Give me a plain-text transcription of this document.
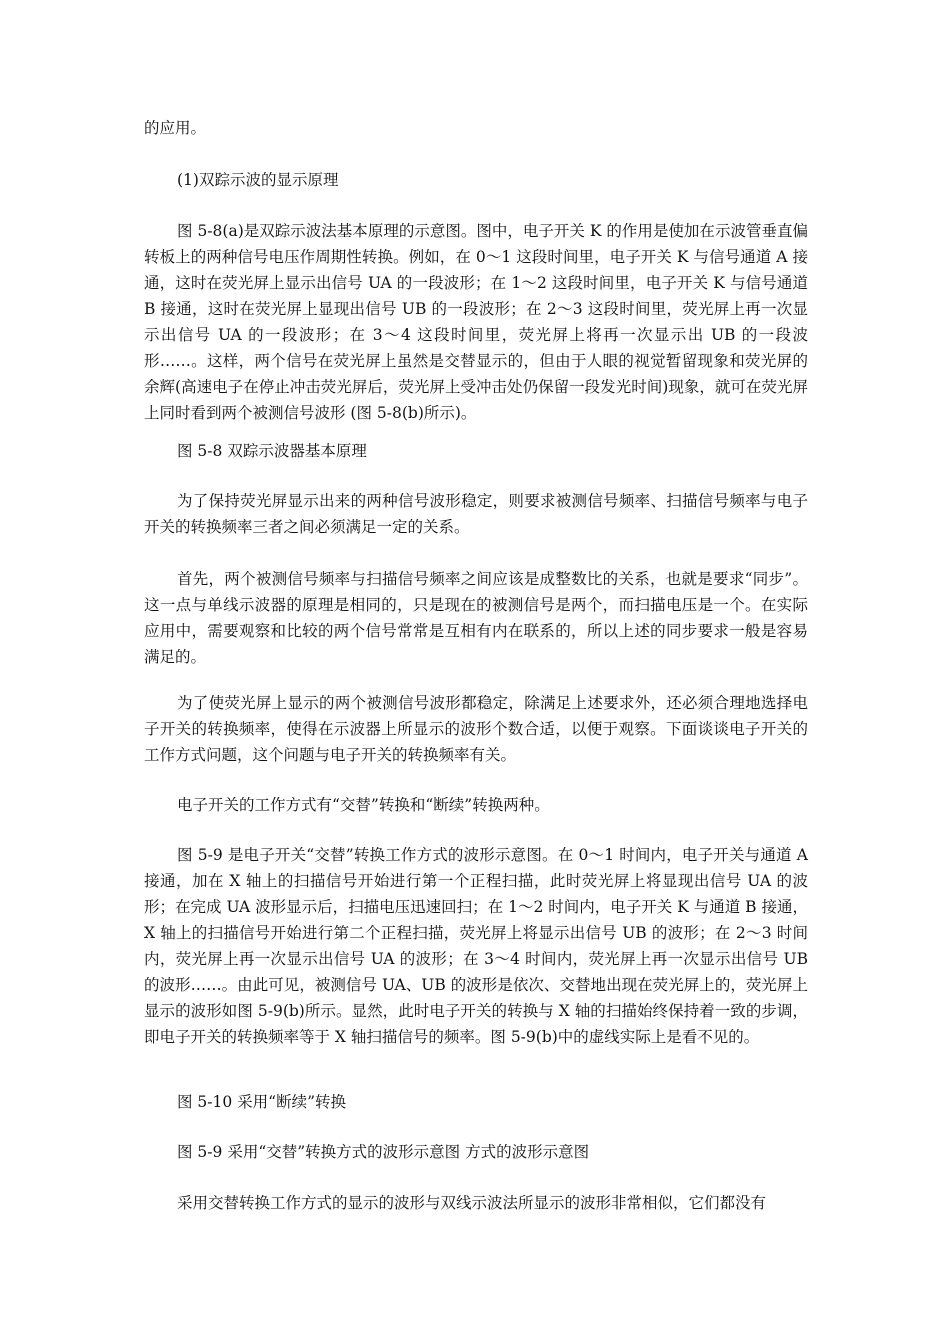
的应用。

(1)双踪示波的显示原理

图 5-8(a)是双踪示波法基本原理的示意图。图中，电子开关 K 的作用是使加在示波管垂直偏转板上的两种信号电压作周期性转换。例如，在 0～1 这段时间里，电子开关 K 与信号通道 A 接通，这时在荧光屏上显示出信号 UA 的一段波形；在 1～2 这段时间里，电子开关 K 与信号通道 B 接通，这时在荧光屏上显现出信号 UB 的一段波形；在 2～3 这段时间里，荧光屏上再一次显示出信号 UA 的一段波形；在 3～4 这段时间里，荧光屏上将再一次显示出 UB 的一段波形……。这样，两个信号在荧光屏上虽然是交替显示的，但由于人眼的视觉暂留现象和荧光屏的余辉(高速电子在停止冲击荧光屏后，荧光屏上受冲击处仍保留一段发光时间)现象，就可在荧光屏上同时看到两个被测信号波形 (图 5-8(b)所示)。

图 5-8 双踪示波器基本原理

为了保持荧光屏显示出来的两种信号波形稳定，则要求被测信号频率、扫描信号频率与电子开关的转换频率三者之间必须满足一定的关系。

首先，两个被测信号频率与扫描信号频率之间应该是成整数比的关系，也就是要求“同步”。这一点与单线示波器的原理是相同的，只是现在的被测信号是两个，而扫描电压是一个。在实际应用中，需要观察和比较的两个信号常常是互相有内在联系的，所以上述的同步要求一般是容易满足的。

为了使荧光屏上显示的两个被测信号波形都稳定，除满足上述要求外，还必须合理地选择电子开关的转换频率，使得在示波器上所显示的波形个数合适，以便于观察。下面谈谈电子开关的工作方式问题，这个问题与电子开关的转换频率有关。

电子开关的工作方式有“交替”转换和“断续”转换两种。

图 5-9 是电子开关“交替”转换工作方式的波形示意图。在 0～1 时间内，电子开关与通道 A 接通，加在 X 轴上的扫描信号开始进行第一个正程扫描，此时荧光屏上将显现出信号 UA 的波形；在完成 UA 波形显示后，扫描电压迅速回扫；在 1～2 时间内，电子开关 K 与通道 B 接通，X 轴上的扫描信号开始进行第二个正程扫描，荧光屏上将显示出信号 UB 的波形；在 2～3 时间内，荧光屏上再一次显示出信号 UA 的波形；在 3～4 时间内，荧光屏上再一次显示出信号 UB 的波形……。由此可见，被测信号 UA、UB 的波形是依次、交替地出现在荧光屏上的，荧光屏上显示的波形如图 5-9(b)所示。显然，此时电子开关的转换与 X 轴的扫描始终保持着一致的步调，即电子开关的转换频率等于 X 轴扫描信号的频率。图 5-9(b)中的虚线实际上是看不见的。

图 5-10 采用“断续”转换

图 5-9 采用“交替”转换方式的波形示意图 方式的波形示意图

采用交替转换工作方式的显示的波形与双线示波法所显示的波形非常相似，它们都没有
